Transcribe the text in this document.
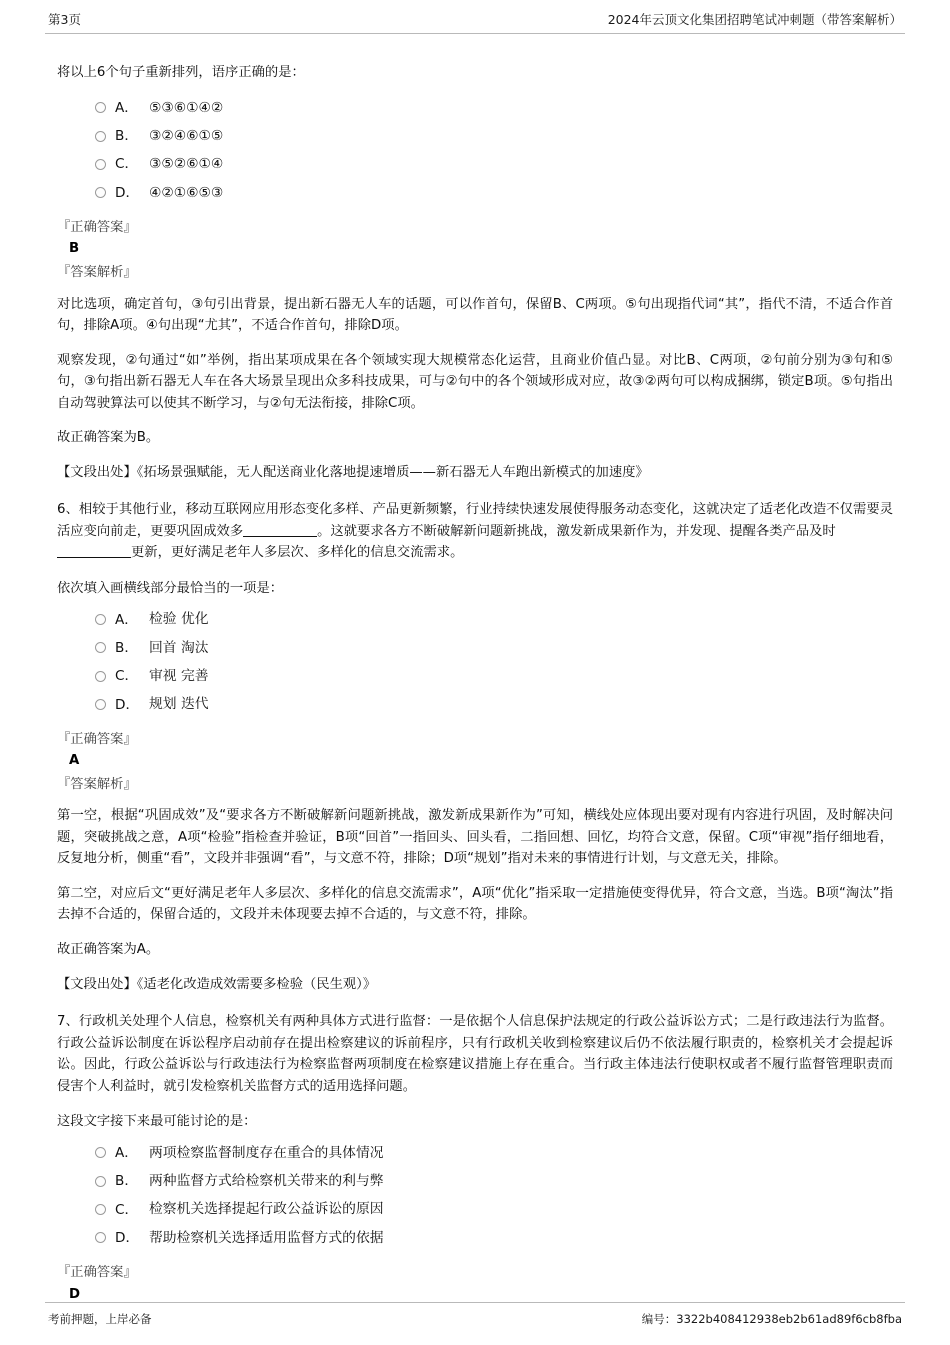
第3页	2024年云顶文化集团招聘笔试冲刺题（带答案解析）

将以上6个句子重新排列，语序正确的是：

A． ⑤③⑥①④②
B． ③②④⑥①⑤
C． ③⑤②⑥①④
D． ④②①⑥⑤③

『正确答案』

B

『答案解析』

对比选项，确定首句，③句引出背景，提出新石器无人车的话题，可以作首句，保留B、C两项。⑤句出现指代词“其”，指代不清，不适合作首句，排除A项。④句出现“尤其”，不适合作首句，排除D项。

观察发现，②句通过“如”举例，指出某项成果在各个领域实现大规模常态化运营，且商业价值凸显。对比B、C两项，②句前分别为③句和⑤句，③句指出新石器无人车在各大场景呈现出众多科技成果，可与②句中的各个领域形成对应，故③②两句可以构成捆绑，锁定B项。⑤句指出自动驾驶算法可以使其不断学习，与②句无法衔接，排除C项。

故正确答案为B。

【文段出处】《拓场景强赋能，无人配送商业化落地提速增质——新石器无人车跑出新模式的加速度》

6、相较于其他行业，移动互联网应用形态变化多样、产品更新频繁，行业持续快速发展使得服务动态变化，这就决定了适老化改造不仅需要灵活应变向前走，更要巩固成效多	。这就要求各方不断破解新问题新挑战，激发新成果新作为，并发现、提醒各类产品及时
更新，更好满足老年人多层次、多样化的信息交流需求。

依次填入画横线部分最恰当的一项是：

A． 检验 优化
B． 回首 淘汰
C． 审视 完善
D． 规划 迭代

『正确答案』

A

『答案解析』

第一空，根据“巩固成效”及“要求各方不断破解新问题新挑战，激发新成果新作为”可知，横线处应体现出要对现有内容进行巩固，及时解决问题，突破挑战之意，A项“检验”指检查并验证，B项“回首”一指回头、回头看，二指回想、回忆，均符合文意，保留。C项“审视”指仔细地看，反复地分析，侧重“看”，文段并非强调“看”，与文意不符，排除；D项“规划”指对未来的事情进行计划，与文意无关，排除。

第二空，对应后文“更好满足老年人多层次、多样化的信息交流需求”，A项“优化”指采取一定措施使变得优异，符合文意，当选。B项“淘汰”指去掉不合适的，保留合适的，文段并未体现要去掉不合适的，与文意不符，排除。

故正确答案为A。

【文段出处】《适老化改造成效需要多检验（民生观）》

7、行政机关处理个人信息，检察机关有两种具体方式进行监督：一是依据个人信息保护法规定的行政公益诉讼方式；二是行政违法行为监督。行政公益诉讼制度在诉讼程序启动前存在提出检察建议的诉前程序，只有行政机关收到检察建议后仍不依法履行职责的，检察机关才会提起诉讼。因此，行政公益诉讼与行政违法行为检察监督两项制度在检察建议措施上存在重合。当行政主体违法行使职权或者不履行监督管理职责而侵害个人利益时，就引发检察机关监督方式的适用选择问题。

这段文字接下来最可能讨论的是：

A． 两项检察监督制度存在重合的具体情况
B． 两种监督方式给检察机关带来的利与弊
C． 检察机关选择提起行政公益诉讼的原因
D． 帮助检察机关选择适用监督方式的依据

『正确答案』

D

考前押题，上岸必备	编号：3322b408412938eb2b61ad89f6cb8fba
